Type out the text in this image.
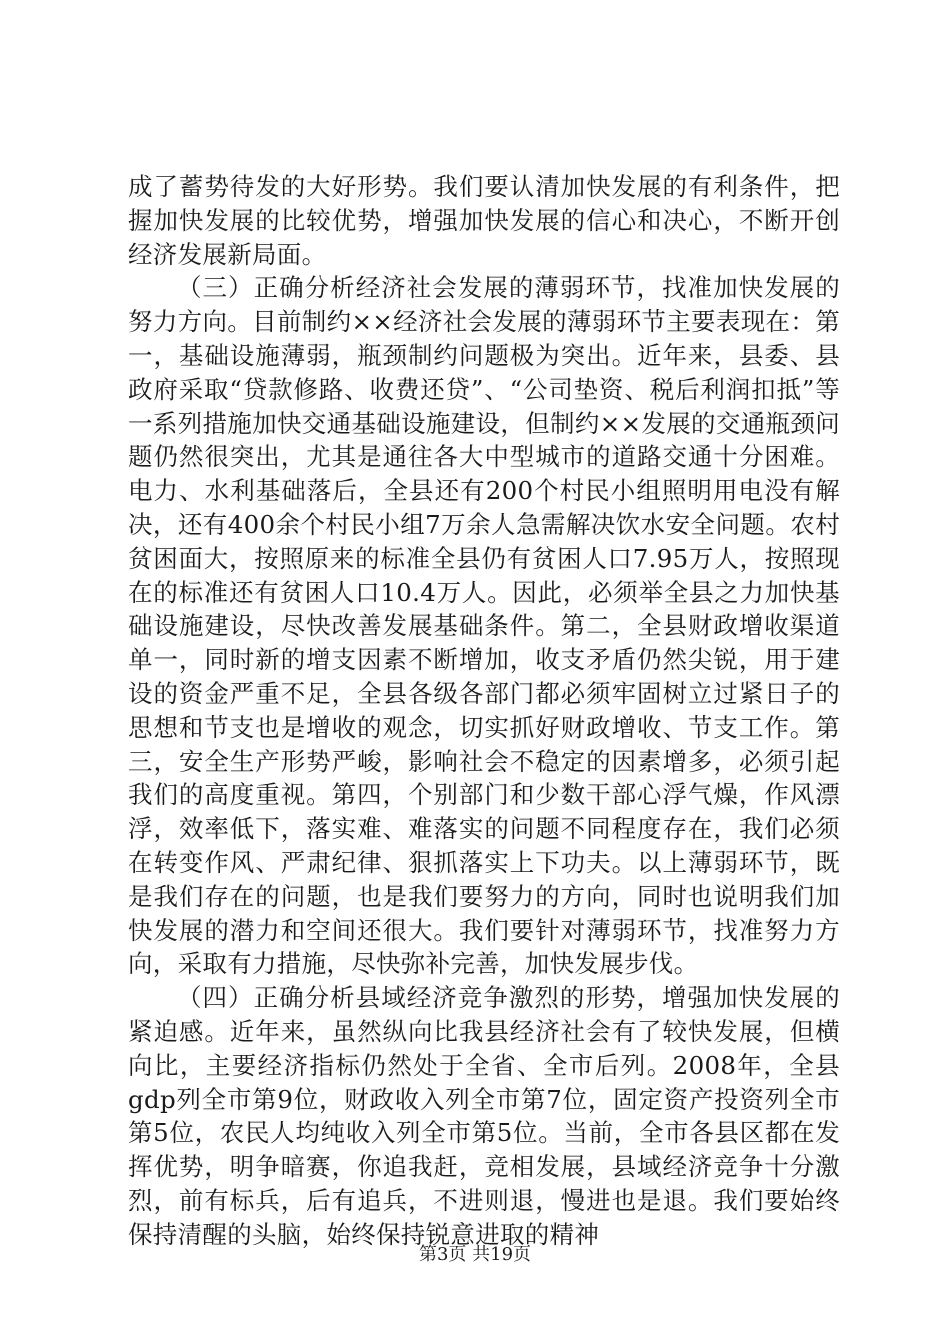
成了蓄势待发的大好形势。我们要认清加快发展的有利条件，把握加快发展的比较优势，增强加快发展的信心和决心，不断开创经济发展新局面。

（三）正确分析经济社会发展的薄弱环节，找准加快发展的努力方向。目前制约××经济社会发展的薄弱环节主要表现在：第一，基础设施薄弱，瓶颈制约问题极为突出。近年来，县委、县政府采取“贷款修路、收费还贷”、“公司垫资、税后利润扣抵”等一系列措施加快交通基础设施建设，但制约××发展的交通瓶颈问题仍然很突出，尤其是通往各大中型城市的道路交通十分困难。电力、水利基础落后，全县还有200个村民小组照明用电没有解决，还有400余个村民小组7万余人急需解决饮水安全问题。农村贫困面大，按照原来的标准全县仍有贫困人口7.95万人，按照现在的标准还有贫困人口10.4万人。因此，必须举全县之力加快基础设施建设，尽快改善发展基础条件。第二，全县财政增收渠道单一，同时新的增支因素不断增加，收支矛盾仍然尖锐，用于建设的资金严重不足，全县各级各部门都必须牢固树立过紧日子的思想和节支也是增收的观念，切实抓好财政增收、节支工作。第三，安全生产形势严峻，影响社会不稳定的因素增多，必须引起我们的高度重视。第四，个别部门和少数干部心浮气燥，作风漂浮，效率低下，落实难、难落实的问题不同程度存在，我们必须在转变作风、严肃纪律、狠抓落实上下功夫。以上薄弱环节，既是我们存在的问题，也是我们要努力的方向，同时也说明我们加快发展的潜力和空间还很大。我们要针对薄弱环节，找准努力方向，采取有力措施，尽快弥补完善，加快发展步伐。

（四）正确分析县域经济竞争激烈的形势，增强加快发展的紧迫感。近年来，虽然纵向比我县经济社会有了较快发展，但横向比，主要经济指标仍然处于全省、全市后列。2008年，全县gdp列全市第9位，财政收入列全市第7位，固定资产投资列全市第5位，农民人均纯收入列全市第5位。当前，全市各县区都在发挥优势，明争暗赛，你追我赶，竞相发展，县域经济竞争十分激烈，前有标兵，后有追兵，不进则退，慢进也是退。我们要始终保持清醒的头脑，始终保持锐意进取的精神

第3页 共19页
